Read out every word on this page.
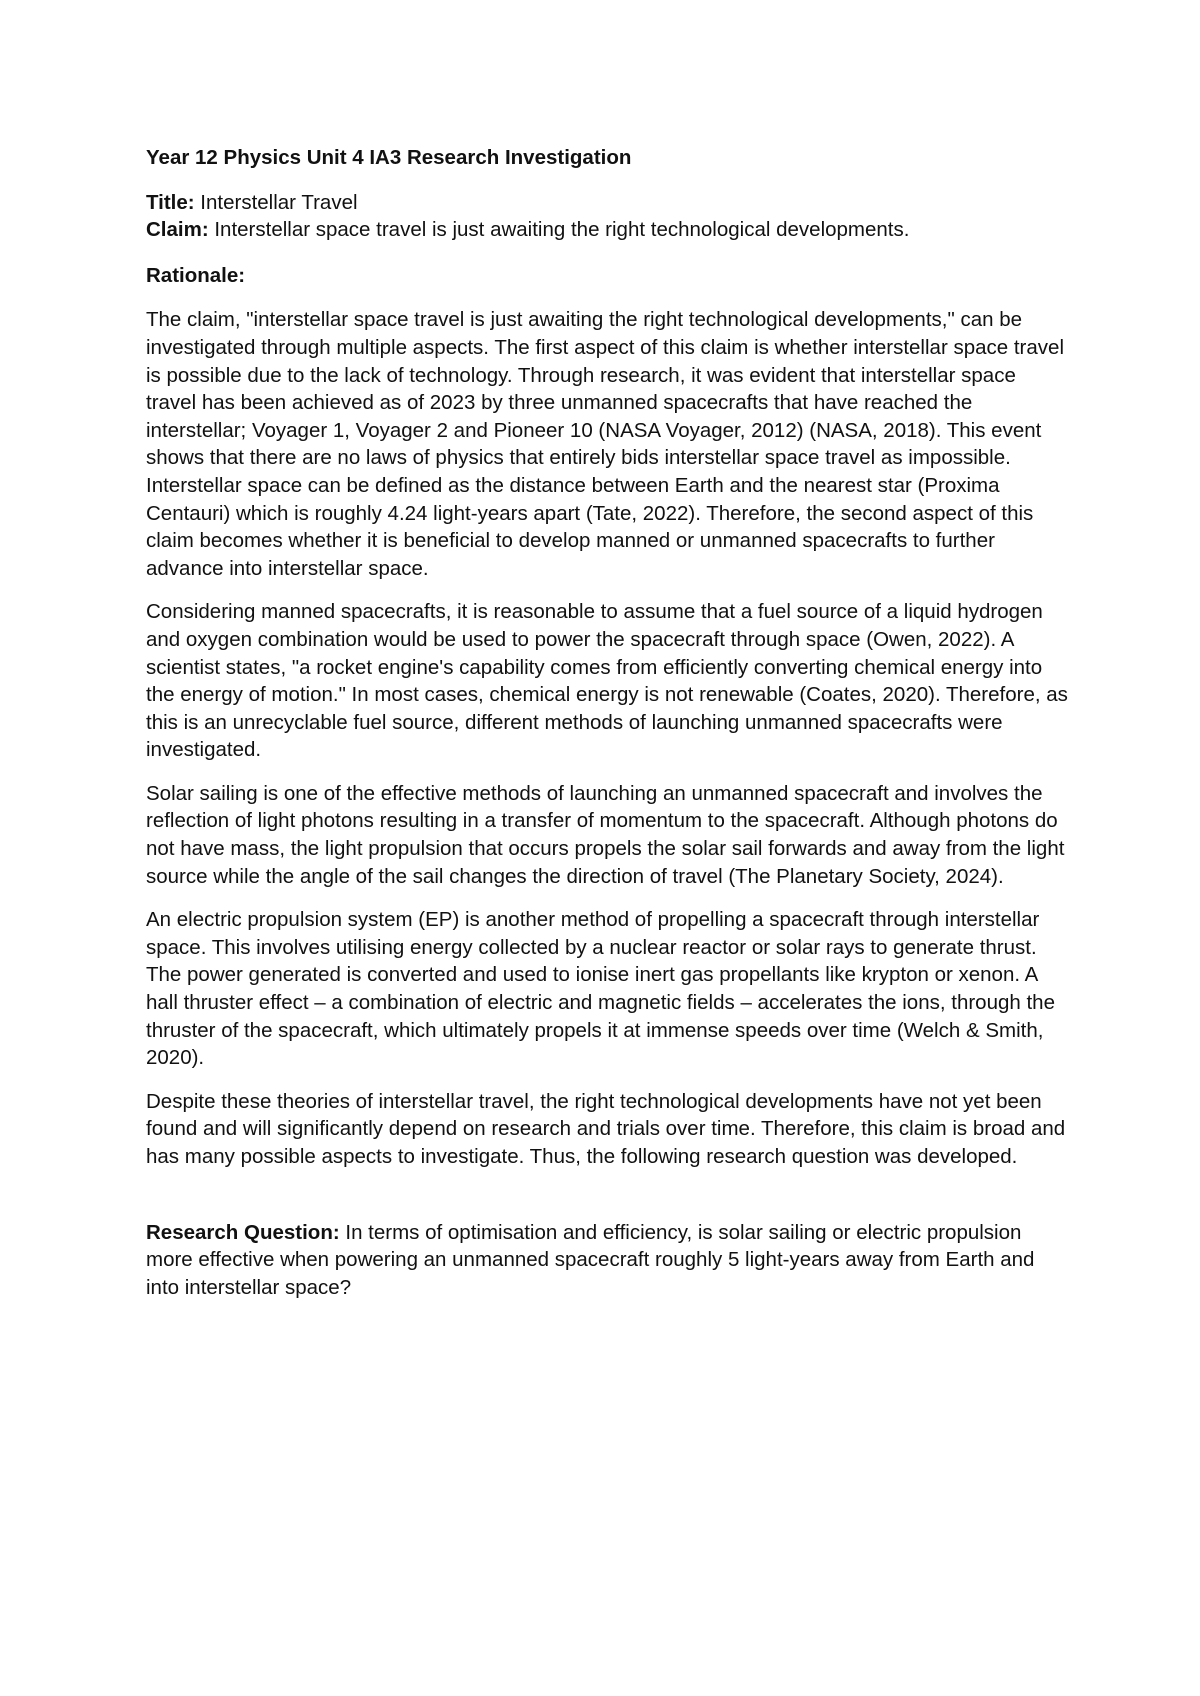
Year 12 Physics Unit 4 IA3 Research Investigation
Title: Interstellar Travel
Claim: Interstellar space travel is just awaiting the right technological developments.
Rationale:

The claim, "interstellar space travel is just awaiting the right technological developments," can be investigated through multiple aspects. The first aspect of this claim is whether interstellar space travel is possible due to the lack of technology. Through research, it was evident that interstellar space travel has been achieved as of 2023 by three unmanned spacecrafts that have reached the interstellar; Voyager 1, Voyager 2 and Pioneer 10 (NASA Voyager, 2012) (NASA, 2018). This event shows that there are no laws of physics that entirely bids interstellar space travel as impossible. Interstellar space can be defined as the distance between Earth and the nearest star (Proxima Centauri) which is roughly 4.24 light-years apart (Tate, 2022). Therefore, the second aspect of this claim becomes whether it is beneficial to develop manned or unmanned spacecrafts to further advance into interstellar space.

Considering manned spacecrafts, it is reasonable to assume that a fuel source of a liquid hydrogen and oxygen combination would be used to power the spacecraft through space (Owen, 2022). A scientist states, "a rocket engine's capability comes from efficiently converting chemical energy into the energy of motion." In most cases, chemical energy is not renewable (Coates, 2020). Therefore, as this is an unrecyclable fuel source, different methods of launching unmanned spacecrafts were investigated.

Solar sailing is one of the effective methods of launching an unmanned spacecraft and involves the reflection of light photons resulting in a transfer of momentum to the spacecraft. Although photons do not have mass, the light propulsion that occurs propels the solar sail forwards and away from the light source while the angle of the sail changes the direction of travel (The Planetary Society, 2024).

An electric propulsion system (EP) is another method of propelling a spacecraft through interstellar space. This involves utilising energy collected by a nuclear reactor or solar rays to generate thrust. The power generated is converted and used to ionise inert gas propellants like krypton or xenon. A hall thruster effect – a combination of electric and magnetic fields – accelerates the ions, through the thruster of the spacecraft, which ultimately propels it at immense speeds over time (Welch & Smith, 2020).

Despite these theories of interstellar travel, the right technological developments have not yet been found and will significantly depend on research and trials over time. Therefore, this claim is broad and has many possible aspects to investigate. Thus, the following research question was developed.

Research Question: In terms of optimisation and efficiency, is solar sailing or electric propulsion more effective when powering an unmanned spacecraft roughly 5 light-years away from Earth and into interstellar space?
